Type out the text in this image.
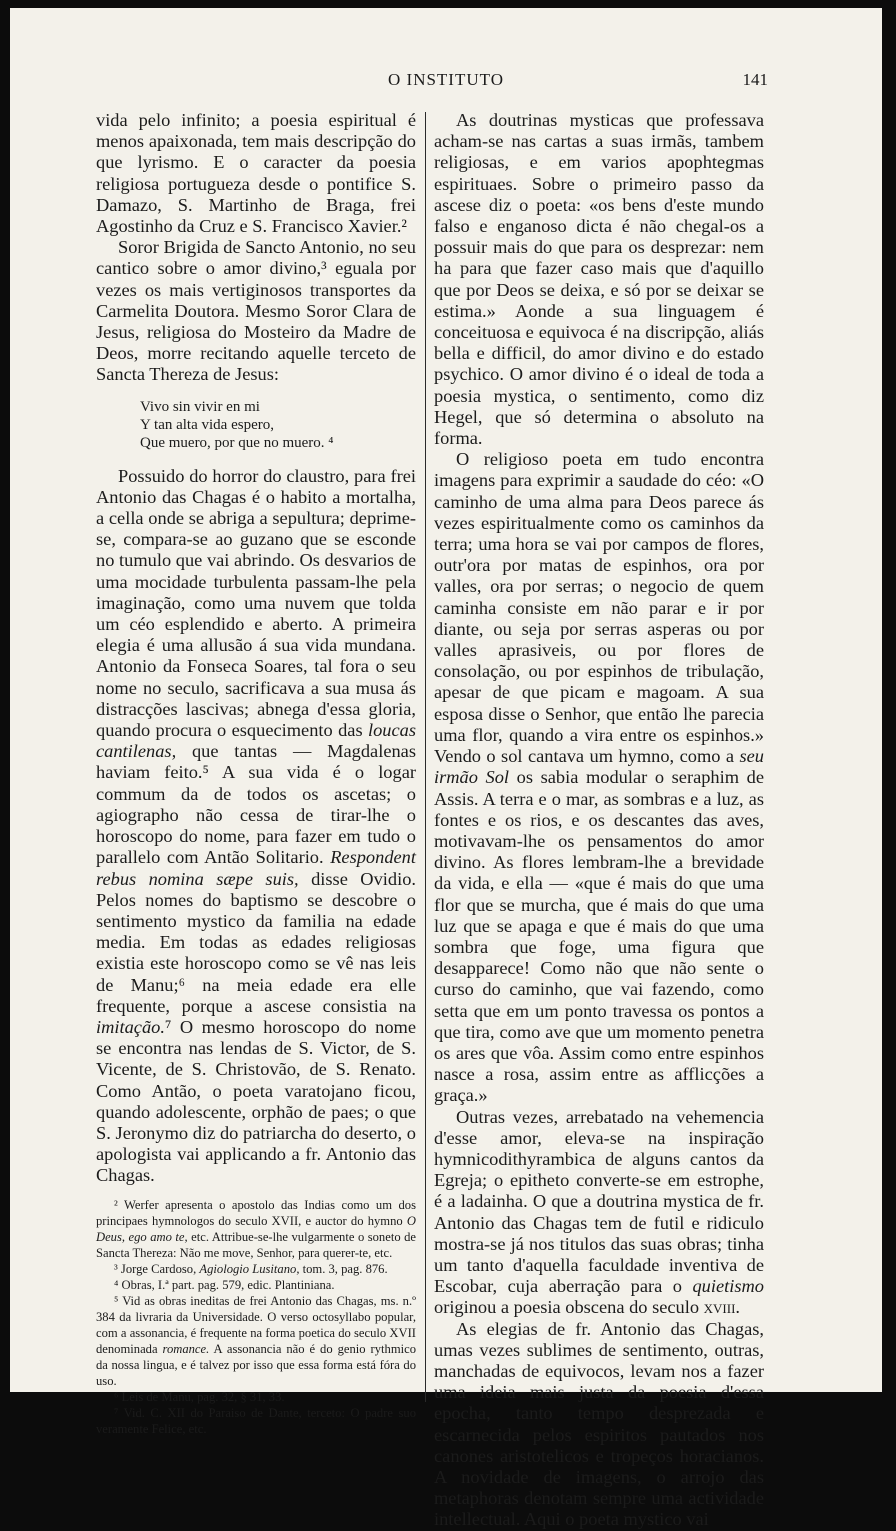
O INSTITUTO	141

vida pelo infinito; a poesia espiritual é menos apaixonada, tem mais descripção do que lyrismo. E o caracter da poesia religiosa portugueza desde o pontifice S. Damazo, S. Martinho de Braga, frei Agostinho da Cruz e S. Francisco Xavier.²

Soror Brigida de Sancto Antonio, no seu cantico sobre o amor divino,³ eguala por vezes os mais vertiginosos transportes da Carmelita Doutora. Mesmo Soror Clara de Jesus, religiosa do Mosteiro da Madre de Deos, morre recitando aquelle terceto de Sancta Thereza de Jesus:

Vivo sin vivir en mi
Y tan alta vida espero,
Que muero, por que no muero. ⁴

Possuido do horror do claustro, para frei Antonio das Chagas é o habito a mortalha, a cella onde se abriga a sepultura; deprime-se, compara-se ao guzano que se esconde no tumulo que vai abrindo. Os desvarios de uma mocidade turbulenta passam-lhe pela imaginação, como uma nuvem que tolda um céo esplendido e aberto. A primeira elegia é uma allusão á sua vida mundana. Antonio da Fonseca Soares, tal fora o seu nome no seculo, sacrificava a sua musa ás distracções lascivas; abnega d'essa gloria, quando procura o esquecimento das loucas cantilenas, que tantas — Magdalenas haviam feito.⁵ A sua vida é o logar commum da de todos os ascetas; o agiographo não cessa de tirar-lhe o horoscopo do nome, para fazer em tudo o parallelo com Antão Solitario. Respondent rebus nomina sæpe suis, disse Ovidio. Pelos nomes do baptismo se descobre o sentimento mystico da familia na edade media. Em todas as edades religiosas existia este horoscopo como se vê nas leis de Manu;⁶ na meia edade era elle frequente, porque a ascese consistia na imitação.⁷ O mesmo horoscopo do nome se encontra nas lendas de S. Victor, de S. Vicente, de S. Christovão, de S. Renato. Como Antão, o poeta varatojano ficou, quando adolescente, orphão de paes; o que S. Jeronymo diz do patriarcha do deserto, o apologista vai applicando a fr. Antonio das Chagas.

² Werfer apresenta o apostolo das Indias como um dos principaes hymnologos do seculo XVII, e auctor do hymno O Deus, ego amo te, etc. Attribue-se-lhe vulgarmente o soneto de Sancta Thereza: Não me move, Senhor, para querer-te, etc.

³ Jorge Cardoso, Agiologio Lusitano, tom. 3, pag. 876.

⁴ Obras, I.ª part. pag. 579, edic. Plantiniana.

⁵ Vid as obras ineditas de frei Antonio das Chagas, ms. n.º 384 da livraria da Universidade. O verso octosyllabo popular, com a assonancia, é frequente na forma poetica do seculo XVII denominada romance. A assonancia não é do genio rythmico da nossa lingua, e é talvez por isso que essa forma está fóra do uso.

⁶ Leis de Manu, pag. 32, § 31, 33.

⁷ Vid. C. XII do Paraiso de Dante, terceto: O padre suo veramente Felice, etc.

As doutrinas mysticas que professava acham-se nas cartas a suas irmãs, tambem religiosas, e em varios apophtegmas espirituaes. Sobre o primeiro passo da ascese diz o poeta: «os bens d'este mundo falso e enganoso dicta é não chegal-os a possuir mais do que para os desprezar: nem ha para que fazer caso mais que d'aquillo que por Deos se deixa, e só por se deixar se estima.» Aonde a sua linguagem é conceituosa e equivoca é na discripção, aliás bella e difficil, do amor divino e do estado psychico. O amor divino é o ideal de toda a poesia mystica, o sentimento, como diz Hegel, que só determina o absoluto na forma.

O religioso poeta em tudo encontra imagens para exprimir a saudade do céo: «O caminho de uma alma para Deos parece ás vezes espiritualmente como os caminhos da terra; uma hora se vai por campos de flores, outr'ora por matas de espinhos, ora por valles, ora por serras; o negocio de quem caminha consiste em não parar e ir por diante, ou seja por serras asperas ou por valles aprasiveis, ou por flores de consolação, ou por espinhos de tribulação, apesar de que picam e magoam. A sua esposa disse o Senhor, que então lhe parecia uma flor, quando a vira entre os espinhos.» Vendo o sol cantava um hymno, como a seu irmão Sol os sabia modular o seraphim de Assis. A terra e o mar, as sombras e a luz, as fontes e os rios, e os descantes das aves, motivavam-lhe os pensamentos do amor divino. As flores lembram-lhe a brevidade da vida, e ella — «que é mais do que uma flor que se murcha, que é mais do que uma luz que se apaga e que é mais do que uma sombra que foge, uma figura que desapparece! Como não que não sente o curso do caminho, que vai fazendo, como setta que em um ponto travessa os pontos a que tira, como ave que um momento penetra os ares que vôa. Assim como entre espinhos nasce a rosa, assim entre as afflicções a graça.»

Outras vezes, arrebatado na vehemencia d'esse amor, eleva-se na inspiração hymnicodithyrambica de alguns cantos da Egreja; o epitheto converte-se em estrophe, é a ladainha. O que a doutrina mystica de fr. Antonio das Chagas tem de futil e ridiculo mostra-se já nos titulos das suas obras; tinha um tanto d'aquella faculdade inventiva de Escobar, cuja aberração para o quietismo originou a poesia obscena do seculo xviii.

As elegias de fr. Antonio das Chagas, umas vezes sublimes de sentimento, outras, manchadas de equivocos, levam nos a fazer uma ideia mais justa da poesia d'essa epocha, tanto tempo desprezada e escarnecida pelos espiritos pautados nos canones aristotelicos e tropeços horacianos. A novidade de imagens, o arrojo das metaphoras denotam sempre uma actividade intellectual. Aqui o poeta mystico vai
